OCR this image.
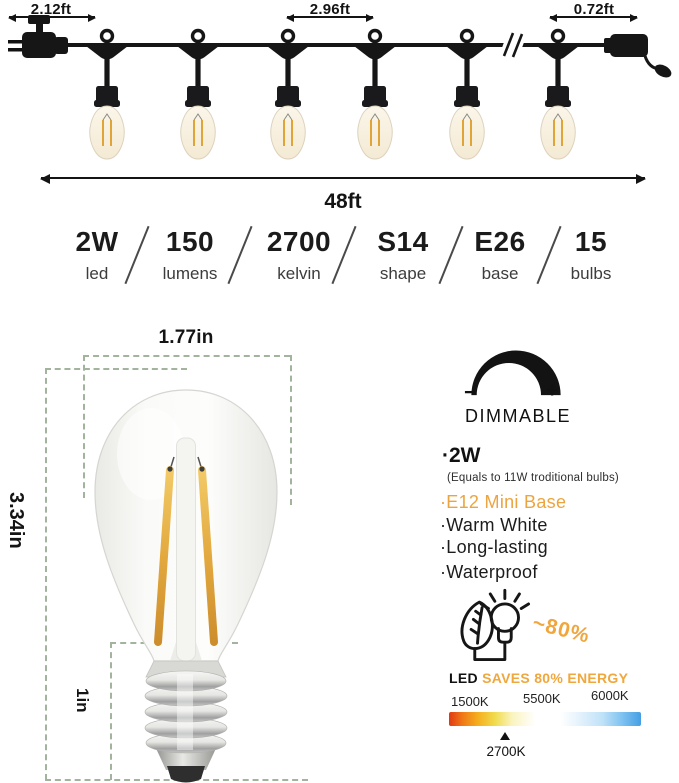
2.12ft	2.96ft	0.72ft
48ft
2W
led
150
lumens
2700
kelvin
S14
shape
E26
base
15
bulbs
1.77in
3.34in
1in
−	+
DIMMABLE
·2W
(Equals to 11W troditional bulbs)
·E12 Mini Base
·Warm White
·Long-lasting
·Waterproof
~80%
LED SAVES 80% ENERGY
1500K	5500K 6000K
2700K
